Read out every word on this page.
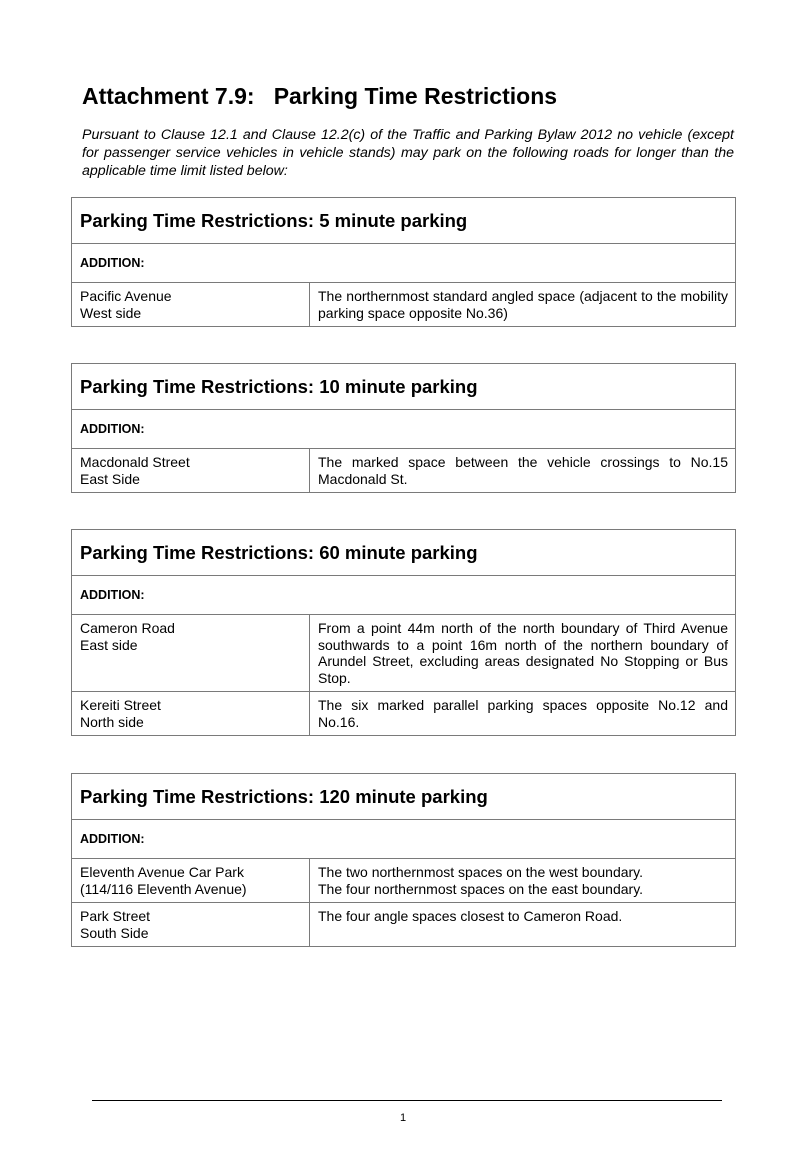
Attachment 7.9:   Parking Time Restrictions

Pursuant to Clause 12.1 and Clause 12.2(c) of the Traffic and Parking Bylaw 2012 no vehicle (except for passenger service vehicles in vehicle stands) may park on the following roads for longer than the applicable time limit listed below:

Parking Time Restrictions: 5 minute parking
ADDITION:
Pacific Avenue
West side
The northernmost standard angled space (adjacent to the mobility parking space opposite No.36)
Parking Time Restrictions: 10 minute parking
ADDITION:
Macdonald Street
East Side
The marked space between the vehicle crossings to No.15 Macdonald St.
Parking Time Restrictions: 60 minute parking
ADDITION:
Cameron Road
East side
From a point 44m north of the north boundary of Third Avenue southwards to a point 16m north of the northern boundary of Arundel Street, excluding areas designated No Stopping or Bus Stop.
Kereiti Street
North side
The six marked parallel parking spaces opposite No.12 and No.16.
Parking Time Restrictions: 120 minute parking
ADDITION:
Eleventh Avenue Car Park
(114/116 Eleventh Avenue)
The two northernmost spaces on the west boundary.
The four northernmost spaces on the east boundary.
Park Street
South Side
The four angle spaces closest to Cameron Road.
1
